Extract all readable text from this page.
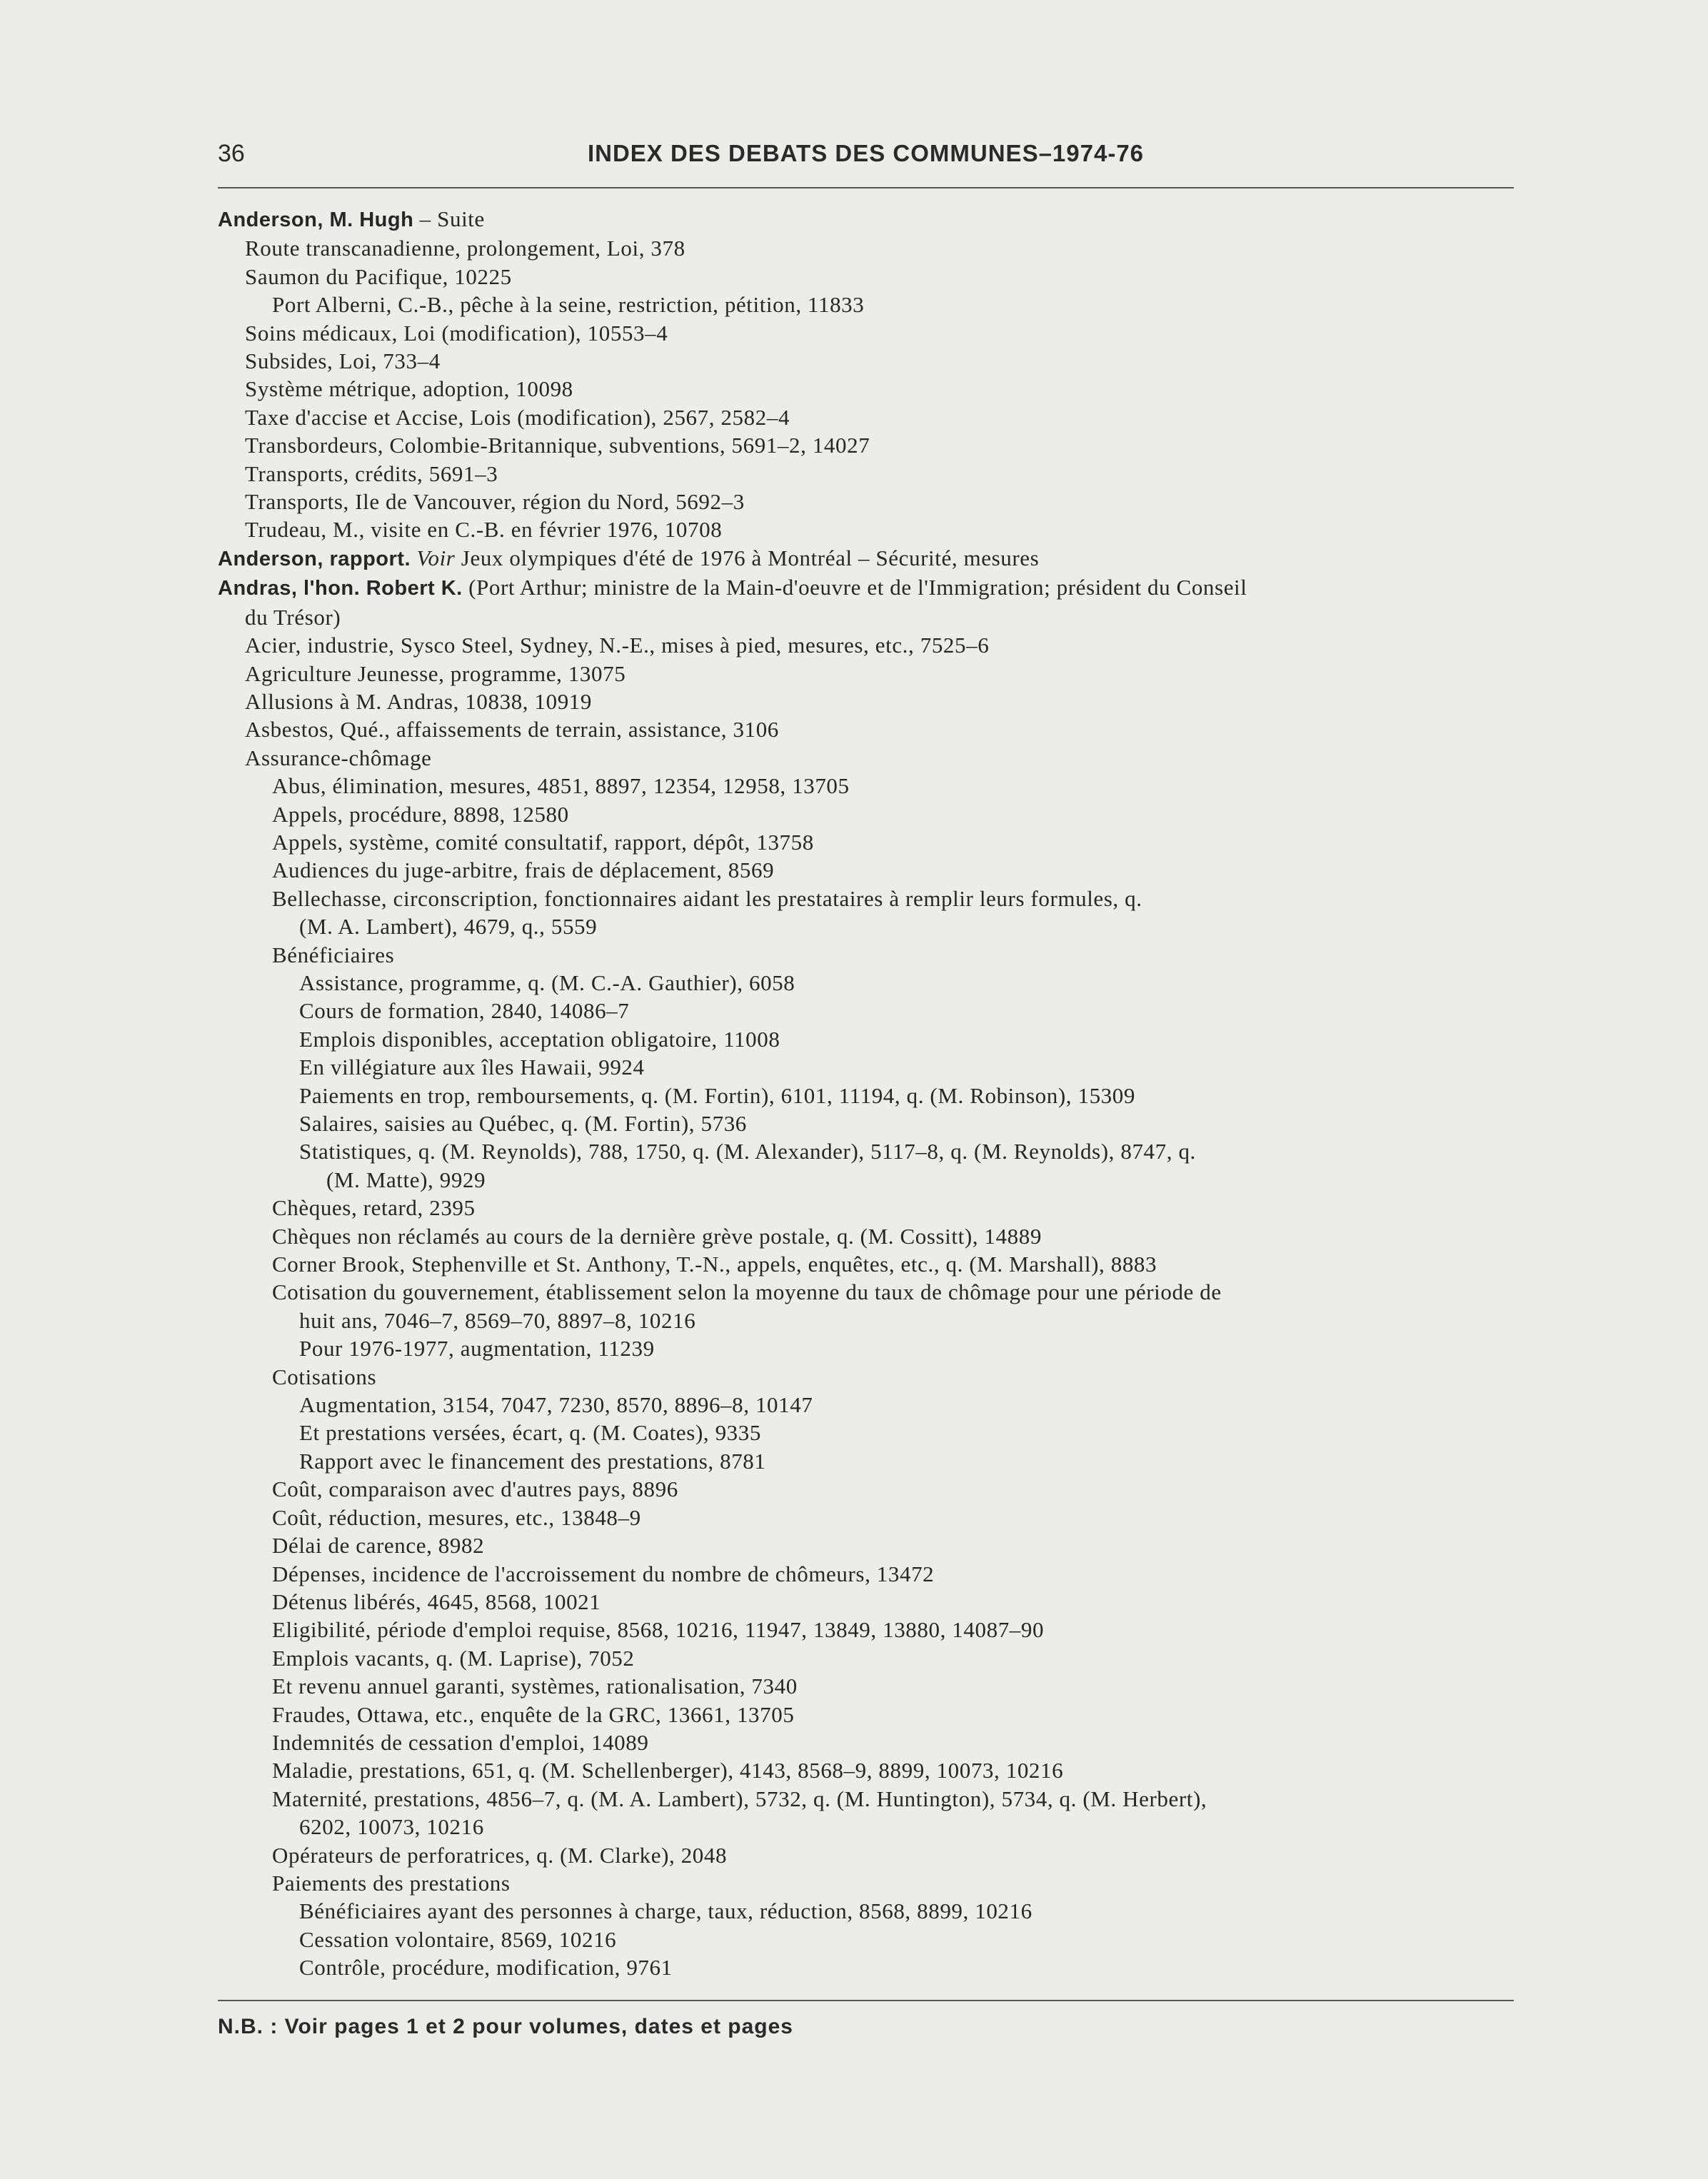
36	INDEX DES DEBATS DES COMMUNES–1974-76
Anderson, M. Hugh – Suite
Route transcanadienne, prolongement, Loi, 378
Saumon du Pacifique, 10225
Port Alberni, C.-B., pêche à la seine, restriction, pétition, 11833
Soins médicaux, Loi (modification), 10553–4
Subsides, Loi, 733–4
Système métrique, adoption, 10098
Taxe d'accise et Accise, Lois (modification), 2567, 2582–4
Transbordeurs, Colombie-Britannique, subventions, 5691–2, 14027
Transports, crédits, 5691–3
Transports, Ile de Vancouver, région du Nord, 5692–3
Trudeau, M., visite en C.-B. en février 1976, 10708
Anderson, rapport. Voir Jeux olympiques d'été de 1976 à Montréal – Sécurité, mesures
Andras, l'hon. Robert K. (Port Arthur; ministre de la Main-d'oeuvre et de l'Immigration; président du Conseil
du Trésor)
Acier, industrie, Sysco Steel, Sydney, N.-E., mises à pied, mesures, etc., 7525–6
Agriculture Jeunesse, programme, 13075
Allusions à M. Andras, 10838, 10919
Asbestos, Qué., affaissements de terrain, assistance, 3106
Assurance-chômage
Abus, élimination, mesures, 4851, 8897, 12354, 12958, 13705
Appels, procédure, 8898, 12580
Appels, système, comité consultatif, rapport, dépôt, 13758
Audiences du juge-arbitre, frais de déplacement, 8569
Bellechasse, circonscription, fonctionnaires aidant les prestataires à remplir leurs formules, q.
(M. A. Lambert), 4679, q., 5559
Bénéficiaires
Assistance, programme, q. (M. C.-A. Gauthier), 6058
Cours de formation, 2840, 14086–7
Emplois disponibles, acceptation obligatoire, 11008
En villégiature aux îles Hawaii, 9924
Paiements en trop, remboursements, q. (M. Fortin), 6101, 11194, q. (M. Robinson), 15309
Salaires, saisies au Québec, q. (M. Fortin), 5736
Statistiques, q. (M. Reynolds), 788, 1750, q. (M. Alexander), 5117–8, q. (M. Reynolds), 8747, q.
(M. Matte), 9929
Chèques, retard, 2395
Chèques non réclamés au cours de la dernière grève postale, q. (M. Cossitt), 14889
Corner Brook, Stephenville et St. Anthony, T.-N., appels, enquêtes, etc., q. (M. Marshall), 8883
Cotisation du gouvernement, établissement selon la moyenne du taux de chômage pour une période de
huit ans, 7046–7, 8569–70, 8897–8, 10216
Pour 1976-1977, augmentation, 11239
Cotisations
Augmentation, 3154, 7047, 7230, 8570, 8896–8, 10147
Et prestations versées, écart, q. (M. Coates), 9335
Rapport avec le financement des prestations, 8781
Coût, comparaison avec d'autres pays, 8896
Coût, réduction, mesures, etc., 13848–9
Délai de carence, 8982
Dépenses, incidence de l'accroissement du nombre de chômeurs, 13472
Détenus libérés, 4645, 8568, 10021
Eligibilité, période d'emploi requise, 8568, 10216, 11947, 13849, 13880, 14087–90
Emplois vacants, q. (M. Laprise), 7052
Et revenu annuel garanti, systèmes, rationalisation, 7340
Fraudes, Ottawa, etc., enquête de la GRC, 13661, 13705
Indemnités de cessation d'emploi, 14089
Maladie, prestations, 651, q. (M. Schellenberger), 4143, 8568–9, 8899, 10073, 10216
Maternité, prestations, 4856–7, q. (M. A. Lambert), 5732, q. (M. Huntington), 5734, q. (M. Herbert),
6202, 10073, 10216
Opérateurs de perforatrices, q. (M. Clarke), 2048
Paiements des prestations
Bénéficiaires ayant des personnes à charge, taux, réduction, 8568, 8899, 10216
Cessation volontaire, 8569, 10216
Contrôle, procédure, modification, 9761
N.B. : Voir pages 1 et 2 pour volumes, dates et pages
